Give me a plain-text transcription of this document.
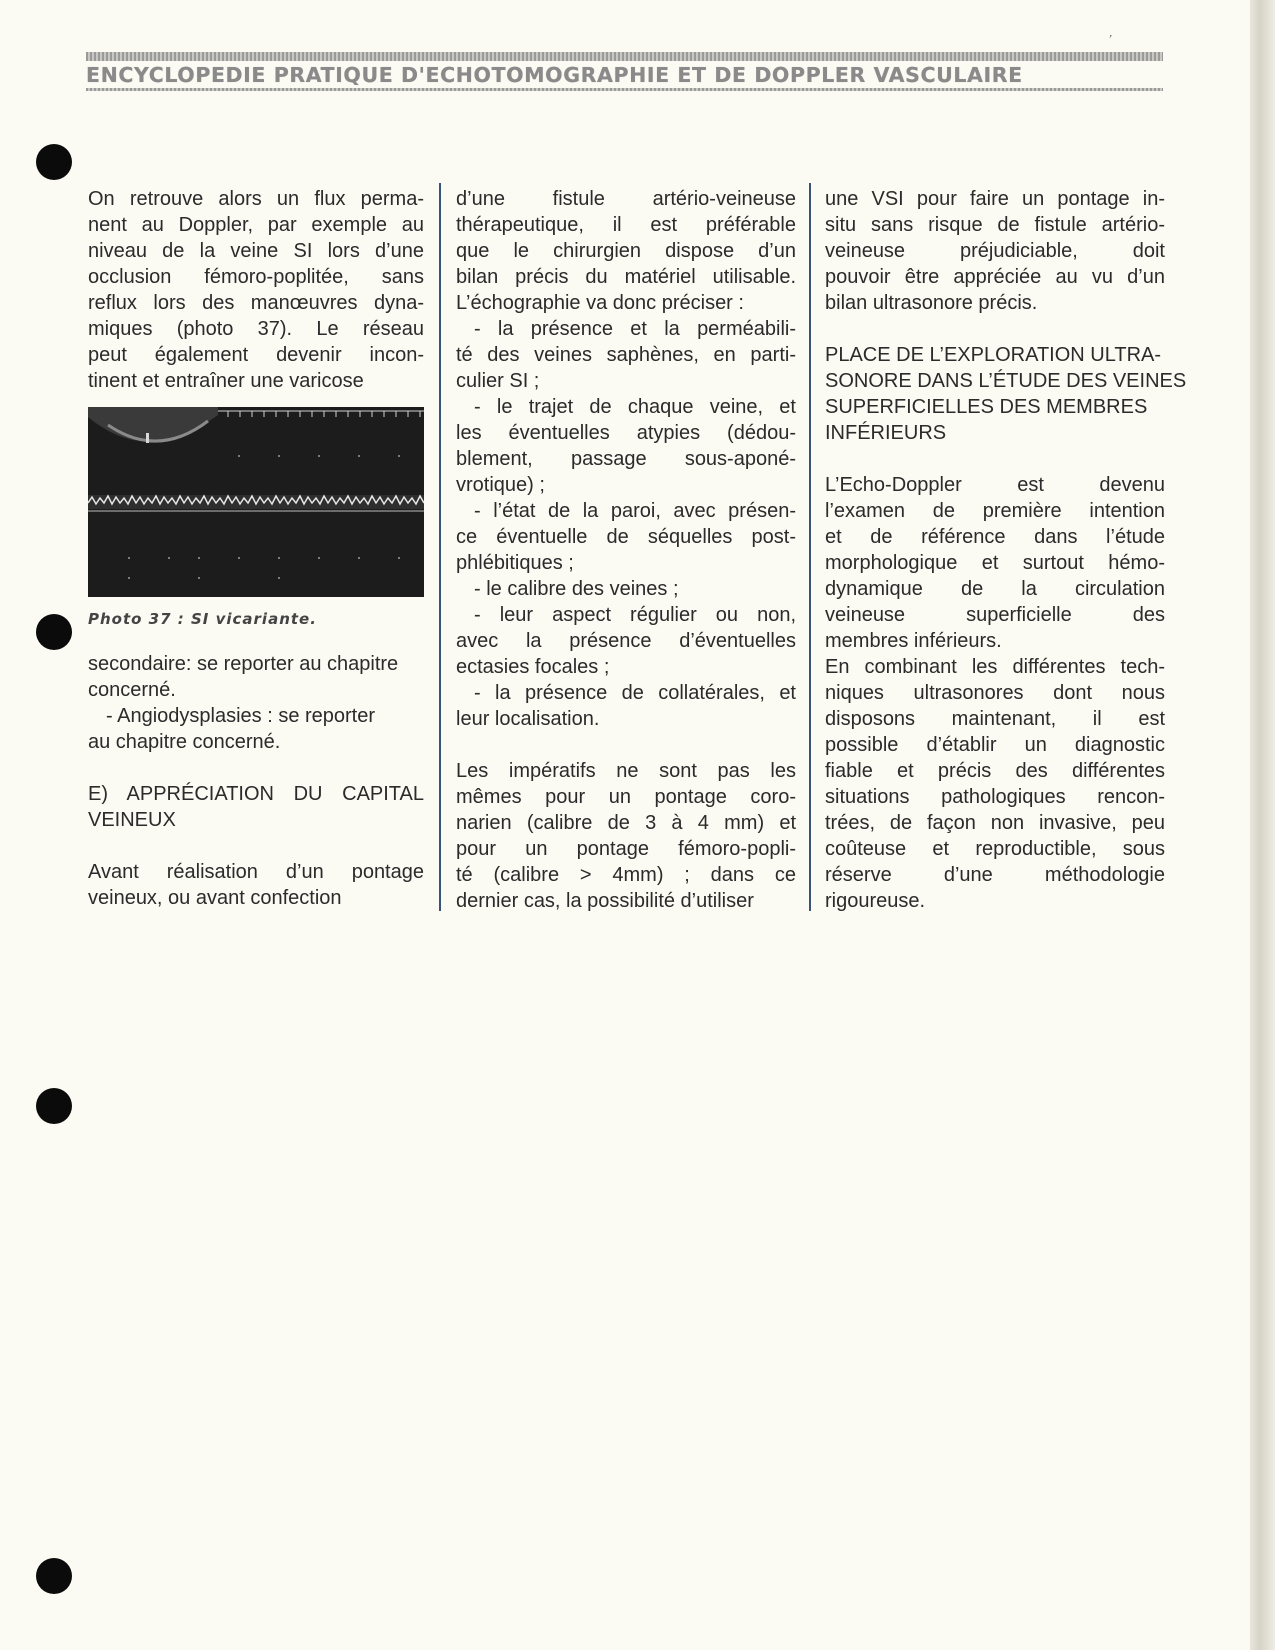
’
ENCYCLOPEDIE PRATIQUE D'ECHOTOMOGRAPHIE ET DE DOPPLER VASCULAIRE
On retrouve alors un flux perma-
nent au Doppler, par exemple au
niveau de la veine SI lors d’une
occlusion fémoro-poplitée, sans
reflux lors des manœuvres dyna-
miques (photo 37). Le réseau
peut également devenir incon-
tinent et entraîner une varicose
Photo 37 : SI vicariante.
secondaire: se reporter au chapitre
concerné.
- Angiodysplasies : se reporter
au chapitre concerné.
E) APPRÉCIATION DU CAPITAL
VEINEUX
Avant réalisation d’un pontage
veineux, ou avant confection
d’une fistule artério-veineuse
thérapeutique, il est préférable
que le chirurgien dispose d’un
bilan précis du matériel utilisable.
L’échographie va donc préciser :
- la présence et la perméabili-
té des veines saphènes, en parti-
culier SI ;
- le trajet de chaque veine, et
les éventuelles atypies (dédou-
blement, passage sous-aponé-
vrotique) ;
- l’état de la paroi, avec présen-
ce éventuelle de séquelles post-
phlébitiques ;
- le calibre des veines ;
- leur aspect régulier ou non,
avec la présence d’éventuelles
ectasies focales ;
- la présence de collatérales, et
leur localisation.
Les impératifs ne sont pas les
mêmes pour un pontage coro-
narien (calibre de 3 à 4 mm) et
pour un pontage fémoro-popli-
té (calibre > 4mm) ; dans ce
dernier cas, la possibilité d’utiliser
une VSI pour faire un pontage in-
situ sans risque de fistule artério-
veineuse préjudiciable, doit
pouvoir être appréciée au vu d’un
bilan ultrasonore précis.
PLACE DE L’EXPLORATION ULTRA-
SONORE DANS L’ÉTUDE DES VEINES
SUPERFICIELLES DES MEMBRES
INFÉRIEURS
L’Echo-Doppler est devenu
l’examen de première intention
et de référence dans l’étude
morphologique et surtout hémo-
dynamique de la circulation
veineuse superficielle des
membres inférieurs.
En combinant les différentes tech-
niques ultrasonores dont nous
disposons maintenant, il est
possible d’établir un diagnostic
fiable et précis des différentes
situations pathologiques rencon-
trées, de façon non invasive, peu
coûteuse et reproductible, sous
réserve d’une méthodologie
rigoureuse.
